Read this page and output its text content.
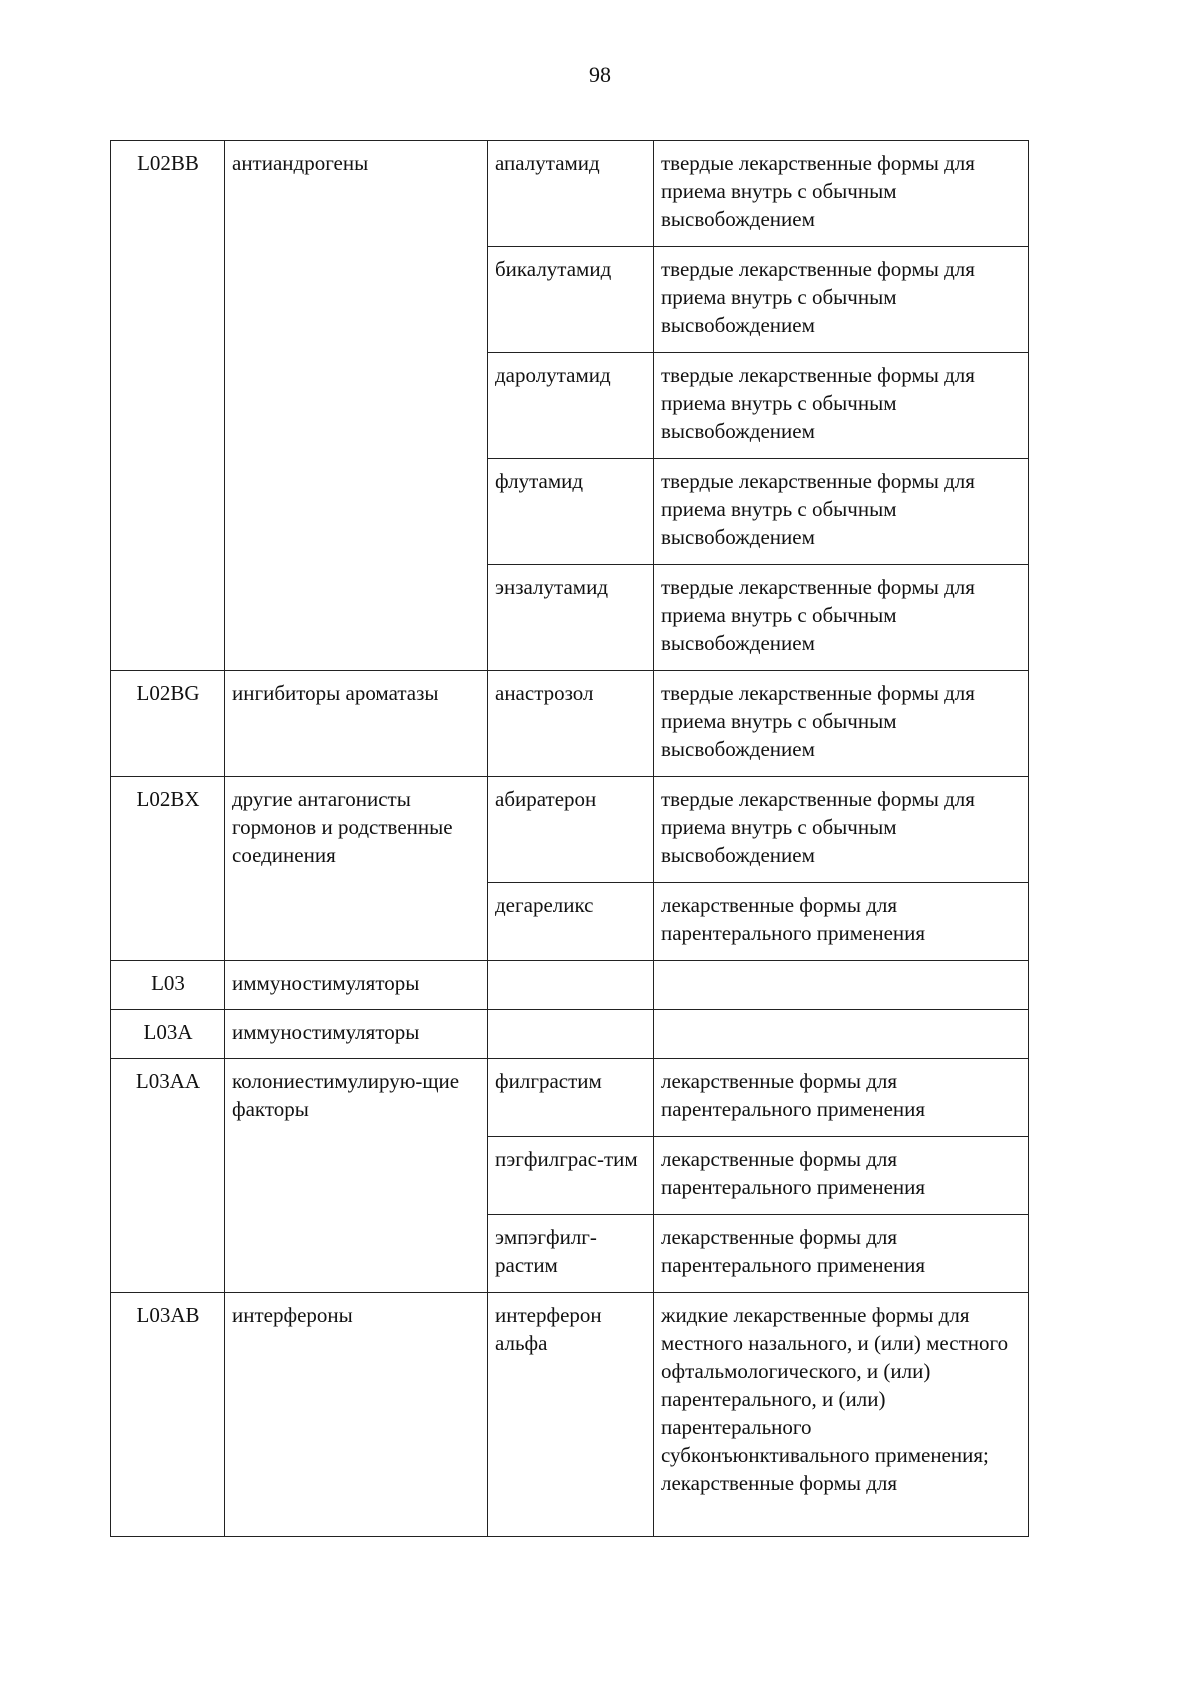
98
L02BB	антиандрогены	апалутамид	твердые лекарственные формы для приема внутрь с обычным высвобождением
		бикалутамид	твердые лекарственные формы для приема внутрь с обычным высвобождением
		даролутамид	твердые лекарственные формы для приема внутрь с обычным высвобождением
		флутамид	твердые лекарственные формы для приема внутрь с обычным высвобождением
		энзалутамид	твердые лекарственные формы для приема внутрь с обычным высвобождением
L02BG	ингибиторы ароматазы	анастрозол	твердые лекарственные формы для приема внутрь с обычным высвобождением
L02BX	другие антагонисты гормонов и родственные соединения	абиратерон	твердые лекарственные формы для приема внутрь с обычным высвобождением
		дегареликс	лекарственные формы для парентерального применения
L03	иммуностимуляторы		
L03A	иммуностимуляторы		
L03AA	колониестимулирую-щие факторы	филграстим	лекарственные формы для парентерального применения
		пэгфилграс-тим	лекарственные формы для парентерального применения
		эмпэгфилг-растим	лекарственные формы для парентерального применения
L03AB	интерфероны	интерферон альфа	жидкие лекарственные формы для местного назального, и (или) местного офтальмологического, и (или) парентерального, и (или) парентерального субконъюнктивального применения; лекарственные формы для
